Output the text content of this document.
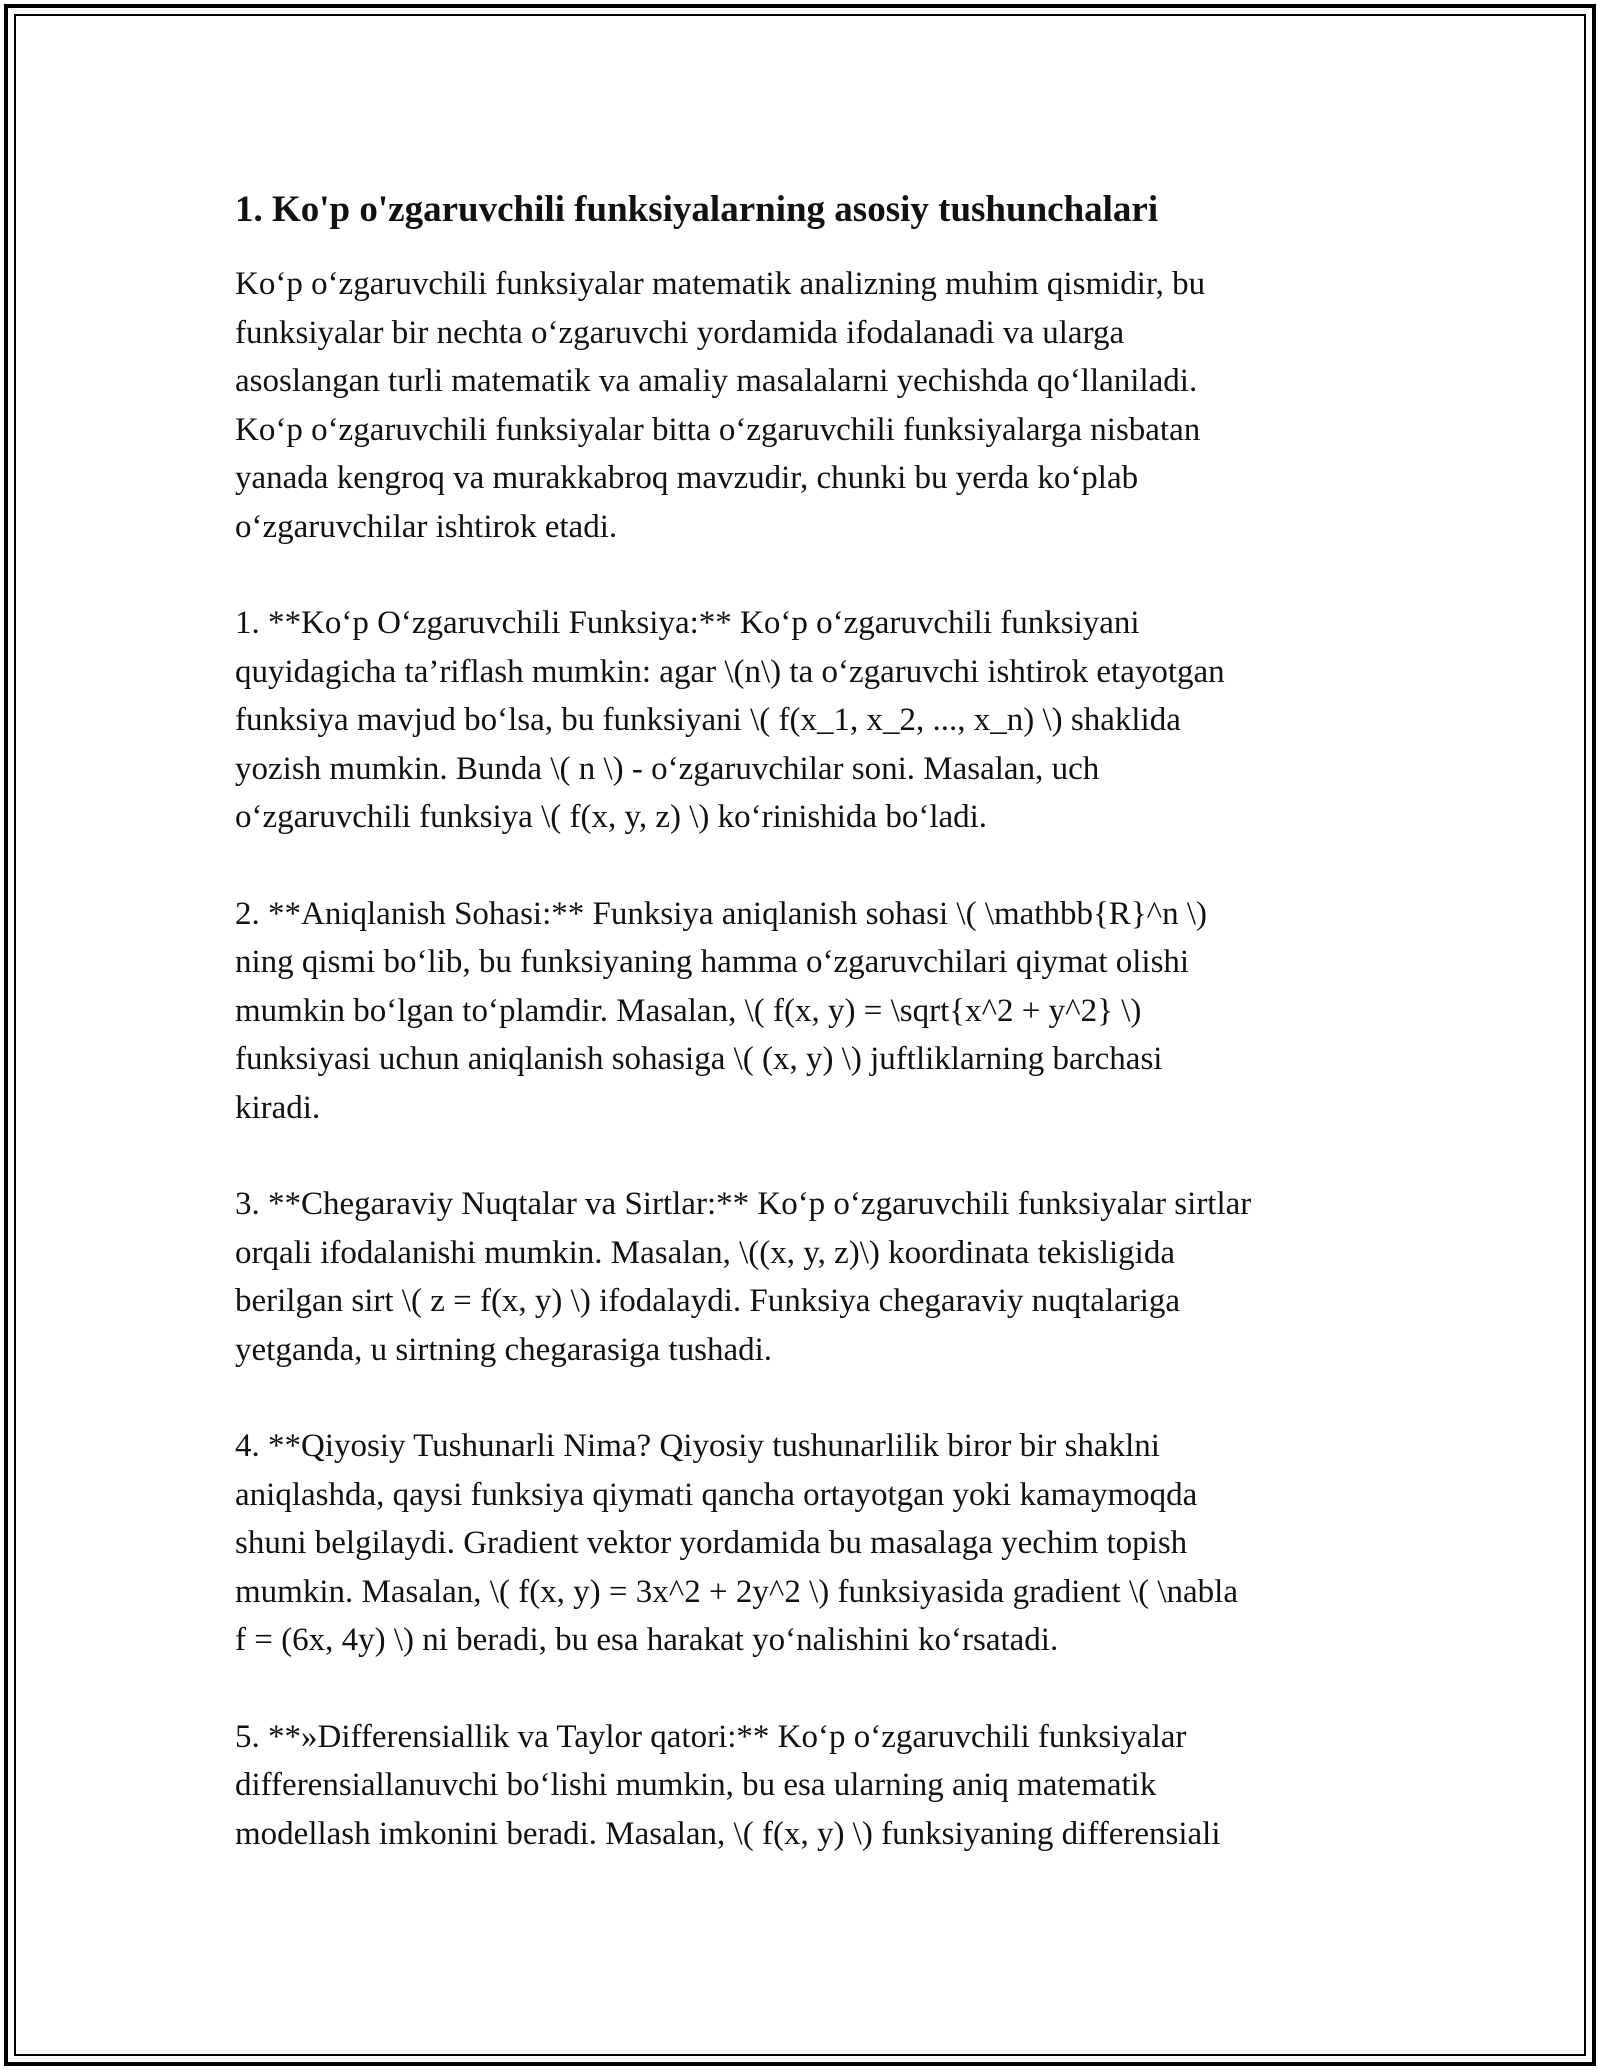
1. Ko'p o'zgaruvchili funksiyalarning asosiy tushunchalari

Ko‘p o‘zgaruvchili funksiyalar matematik analizning muhim qismidir, bu
funksiyalar bir nechta o‘zgaruvchi yordamida ifodalanadi va ularga
asoslangan turli matematik va amaliy masalalarni yechishda qo‘llaniladi.
Ko‘p o‘zgaruvchili funksiyalar bitta o‘zgaruvchili funksiyalarga nisbatan
yanada kengroq va murakkabroq mavzudir, chunki bu yerda ko‘plab
o‘zgaruvchilar ishtirok etadi.

1. **Ko‘p O‘zgaruvchili Funksiya:** Ko‘p o‘zgaruvchili funksiyani
quyidagicha ta’riflash mumkin: agar \(n\) ta o‘zgaruvchi ishtirok etayotgan
funksiya mavjud bo‘lsa, bu funksiyani \( f(x_1, x_2, ..., x_n) \) shaklida
yozish mumkin. Bunda \( n \) - o‘zgaruvchilar soni. Masalan, uch
o‘zgaruvchili funksiya \( f(x, y, z) \) ko‘rinishida bo‘ladi.

2. **Aniqlanish Sohasi:** Funksiya aniqlanish sohasi \( \mathbb{R}^n \)
ning qismi bo‘lib, bu funksiyaning hamma o‘zgaruvchilari qiymat olishi
mumkin bo‘lgan to‘plamdir. Masalan, \( f(x, y) = \sqrt{x^2 + y^2} \)
funksiyasi uchun aniqlanish sohasiga \( (x, y) \) juftliklarning barchasi
kiradi.

3. **Chegaraviy Nuqtalar va Sirtlar:** Ko‘p o‘zgaruvchili funksiyalar sirtlar
orqali ifodalanishi mumkin. Masalan, \((x, y, z)\) koordinata tekisligida
berilgan sirt \( z = f(x, y) \) ifodalaydi. Funksiya chegaraviy nuqtalariga
yetganda, u sirtning chegarasiga tushadi.

4. **Qiyosiy Tushunarli Nima? Qiyosiy tushunarlilik biror bir shaklni
aniqlashda, qaysi funksiya qiymati qancha ortayotgan yoki kamaymoqda
shuni belgilaydi. Gradient vektor yordamida bu masalaga yechim topish
mumkin. Masalan, \( f(x, y) = 3x^2 + 2y^2 \) funksiyasida gradient \( \nabla
f = (6x, 4y) \) ni beradi, bu esa harakat yo‘nalishini ko‘rsatadi.

5. **»Differensiallik va Taylor qatori:** Ko‘p o‘zgaruvchili funksiyalar
differensiallanuvchi bo‘lishi mumkin, bu esa ularning aniq matematik
modellash imkonini beradi. Masalan, \( f(x, y) \) funksiyaning differensiali
